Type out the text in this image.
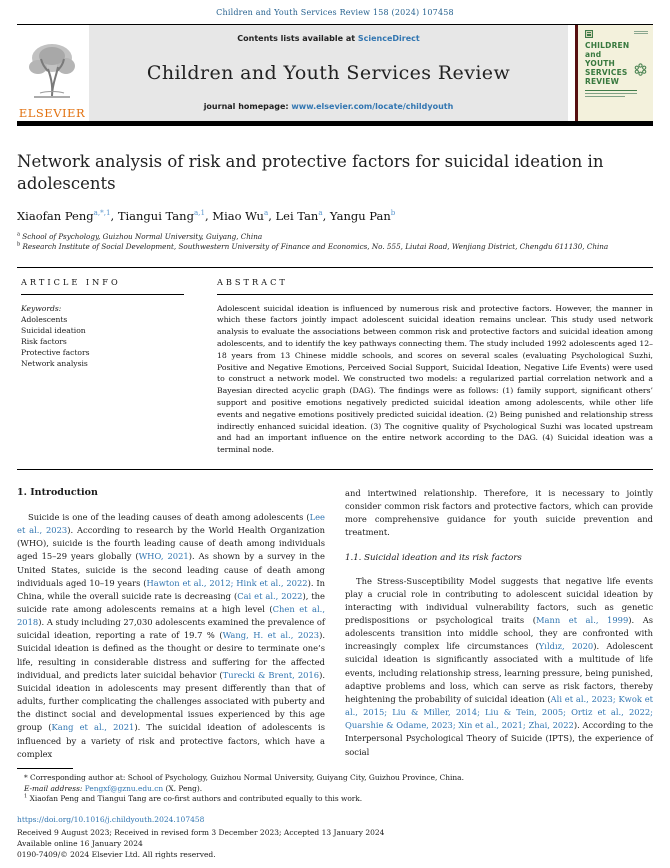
Children and Youth Services Review 158 (2024) 107458
ELSEVIER
Contents lists available at ScienceDirect
Children and Youth Services Review
journal homepage: www.elsevier.com/locate/childyouth
CHILDREN
and
YOUTH
SERVICES
REVIEW
Network analysis of risk and protective factors for suicidal ideation in adolescents
Xiaofan Peng$^{a,*,1}$, Tiangui Tang$^{a,1}$, Miao Wu$^a$, Lei Tan$^a$, Yangu Pan$^b$
$^a$ School of Psychology, Guizhou Normal University, Guiyang, China
$^b$ Research Institute of Social Development, Southwestern University of Finance and Economics, No. 555, Liutai Road, Wenjiang District, Chengdu 611130, China
ARTICLE INFO
Keywords:
Adolescents
Suicidal ideation
Risk factors
Protective factors
Network analysis
ABSTRACT
Adolescent suicidal ideation is influenced by numerous risk and protective factors. However, the manner in which these factors jointly impact adolescent suicidal ideation remains unclear. This study used network analysis to evaluate the associations between common risk and protective factors and suicidal ideation among adolescents, and to identify the key pathways connecting them. The study included 1992 adolescents aged 12–18 years from 13 Chinese middle schools, and scores on several scales (evaluating Psychological Suzhi, Positive and Negative Emotions, Perceived Social Support, Suicidal Ideation, Negative Life Events) were used to construct a network model. We constructed two models: a regularized partial correlation network and a Bayesian directed acyclic graph (DAG). The findings were as follows: (1) family support, significant others’ support and positive emotions negatively predicted suicidal ideation among adolescents, while other life events and negative emotions positively predicted suicidal ideation. (2) Being punished and relationship stress indirectly enhanced suicidal ideation. (3) The cognitive quality of Psychological Suzhi was located upstream and had an important influence on the entire network according to the DAG. (4) Suicidal ideation was a terminal node.
1. Introduction

Suicide is one of the leading causes of death among adolescents (Lee et al., 2023). According to research by the World Health Organization (WHO), suicide is the fourth leading cause of death among individuals aged 15–29 years globally (WHO, 2021). As shown by a survey in the United States, suicide is the second leading cause of death among individuals aged 10–19 years (Hawton et al., 2012; Hink et al., 2022). In China, while the overall suicide rate is decreasing (Cai et al., 2022), the suicide rate among adolescents remains at a high level (Chen et al., 2018). A study including 27,030 adolescents examined the prevalence of suicidal ideation, reporting a rate of 19.7 % (Wang, H. et al., 2023). Suicidal ideation is defined as the thought or desire to terminate one’s life, resulting in considerable distress and suffering for the affected individual, and predicts later suicidal behavior (Turecki & Brent, 2016). Suicidal ideation in adolescents may present differently than that of adults, further complicating the challenges associated with puberty and the distinct social and developmental issues experienced by this age group (Kang et al., 2021). The suicidal ideation of adolescents is influenced by a variety of risk and protective factors, which have a complex

and intertwined relationship. Therefore, it is necessary to jointly consider common risk factors and protective factors, which can provide more comprehensive guidance for youth suicide prevention and treatment.

1.1. Suicidal ideation and its risk factors

The Stress-Susceptibility Model suggests that negative life events play a crucial role in contributing to adolescent suicidal ideation by interacting with individual vulnerability factors, such as genetic predispositions or psychological traits (Mann et al., 1999). As adolescents transition into middle school, they are confronted with increasingly complex life circumstances (Yıldız, 2020). Adolescent suicidal ideation is significantly associated with a multitude of life events, including relationship stress, learning pressure, being punished, adaptive problems and loss, which can serve as risk factors, thereby heightening the probability of suicidal ideation (Ali et al., 2023; Kwok et al., 2015; Liu & Miller, 2014; Liu & Tein, 2005; Ortiz et al., 2022; Quarshie & Odame, 2023; Xin et al., 2021; Zhai, 2022). According to the Interpersonal Psychological Theory of Suicide (IPTS), the experience of social

* Corresponding author at: School of Psychology, Guizhou Normal University, Guiyang City, Guizhou Province, China.
E-mail address: Pengxf@gznu.edu.cn (X. Peng).
$^1$ Xiaofan Peng and Tiangui Tang are co-first authors and contributed equally to this work.
https://doi.org/10.1016/j.childyouth.2024.107458
Received 9 August 2023; Received in revised form 3 December 2023; Accepted 13 January 2024
Available online 16 January 2024
0190-7409/© 2024 Elsevier Ltd. All rights reserved.
